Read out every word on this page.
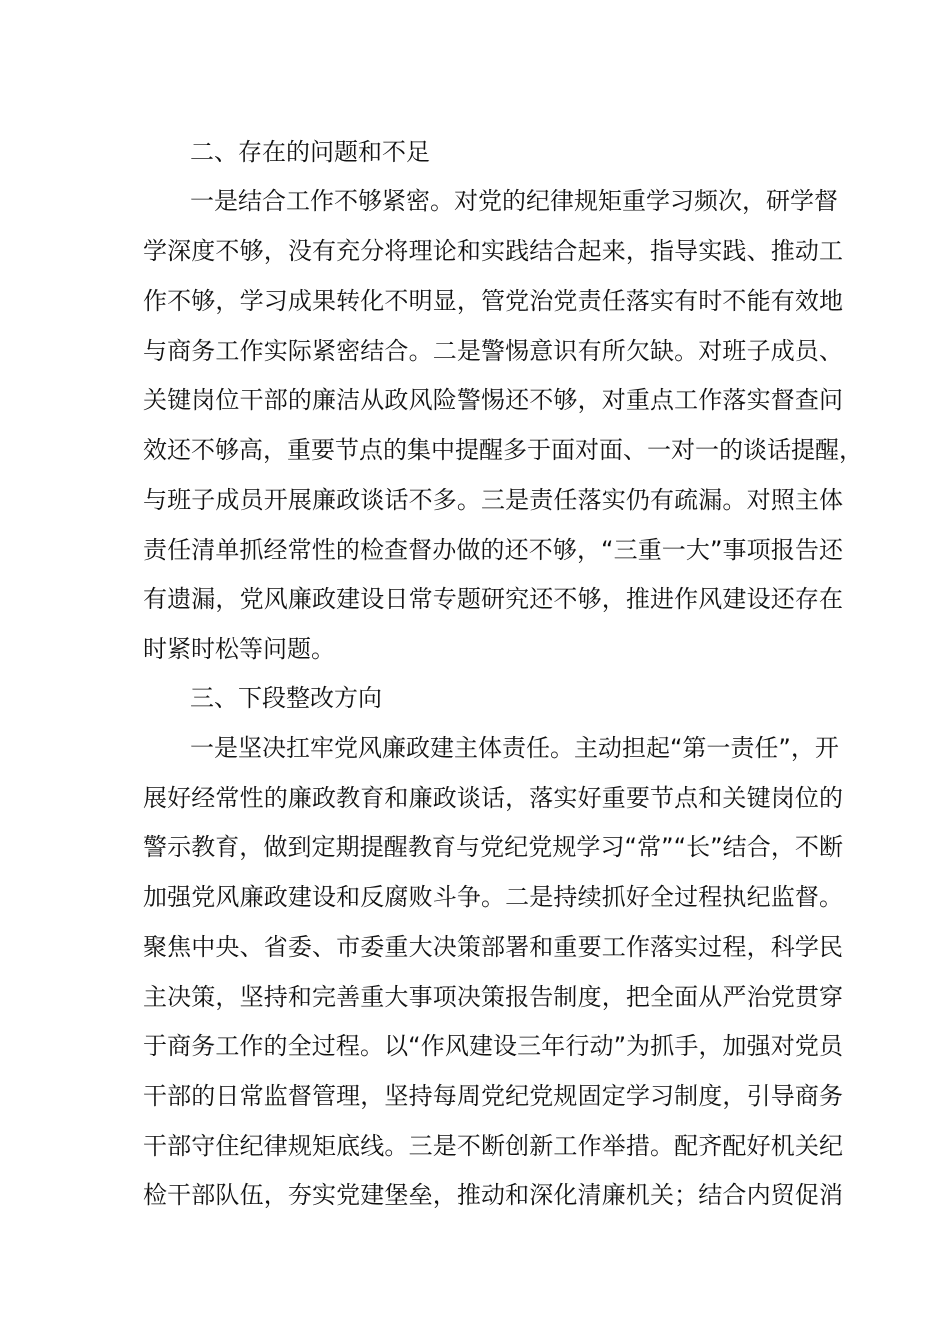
二、存在的问题和不足
一是结合工作不够紧密。对党的纪律规矩重学习频次，研学督
学深度不够，没有充分将理论和实践结合起来，指导实践、推动工
作不够，学习成果转化不明显，管党治党责任落实有时不能有效地
与商务工作实际紧密结合。二是警惕意识有所欠缺。对班子成员、
关键岗位干部的廉洁从政风险警惕还不够，对重点工作落实督查问
效还不够高，重要节点的集中提醒多于面对面、一对一的谈话提醒，
与班子成员开展廉政谈话不多。三是责任落实仍有疏漏。对照主体
责任清单抓经常性的检查督办做的还不够，“三重一大”事项报告还
有遗漏，党风廉政建设日常专题研究还不够，推进作风建设还存在
时紧时松等问题。
三、下段整改方向
一是坚决扛牢党风廉政建主体责任。主动担起“第一责任”，开
展好经常性的廉政教育和廉政谈话，落实好重要节点和关键岗位的
警示教育，做到定期提醒教育与党纪党规学习“常”“长”结合，不断
加强党风廉政建设和反腐败斗争。二是持续抓好全过程执纪监督。
聚焦中央、省委、市委重大决策部署和重要工作落实过程，科学民
主决策，坚持和完善重大事项决策报告制度，把全面从严治党贯穿
于商务工作的全过程。以“作风建设三年行动”为抓手，加强对党员
干部的日常监督管理，坚持每周党纪党规固定学习制度，引导商务
干部守住纪律规矩底线。三是不断创新工作举措。配齐配好机关纪
检干部队伍，夯实党建堡垒，推动和深化清廉机关；结合内贸促消
